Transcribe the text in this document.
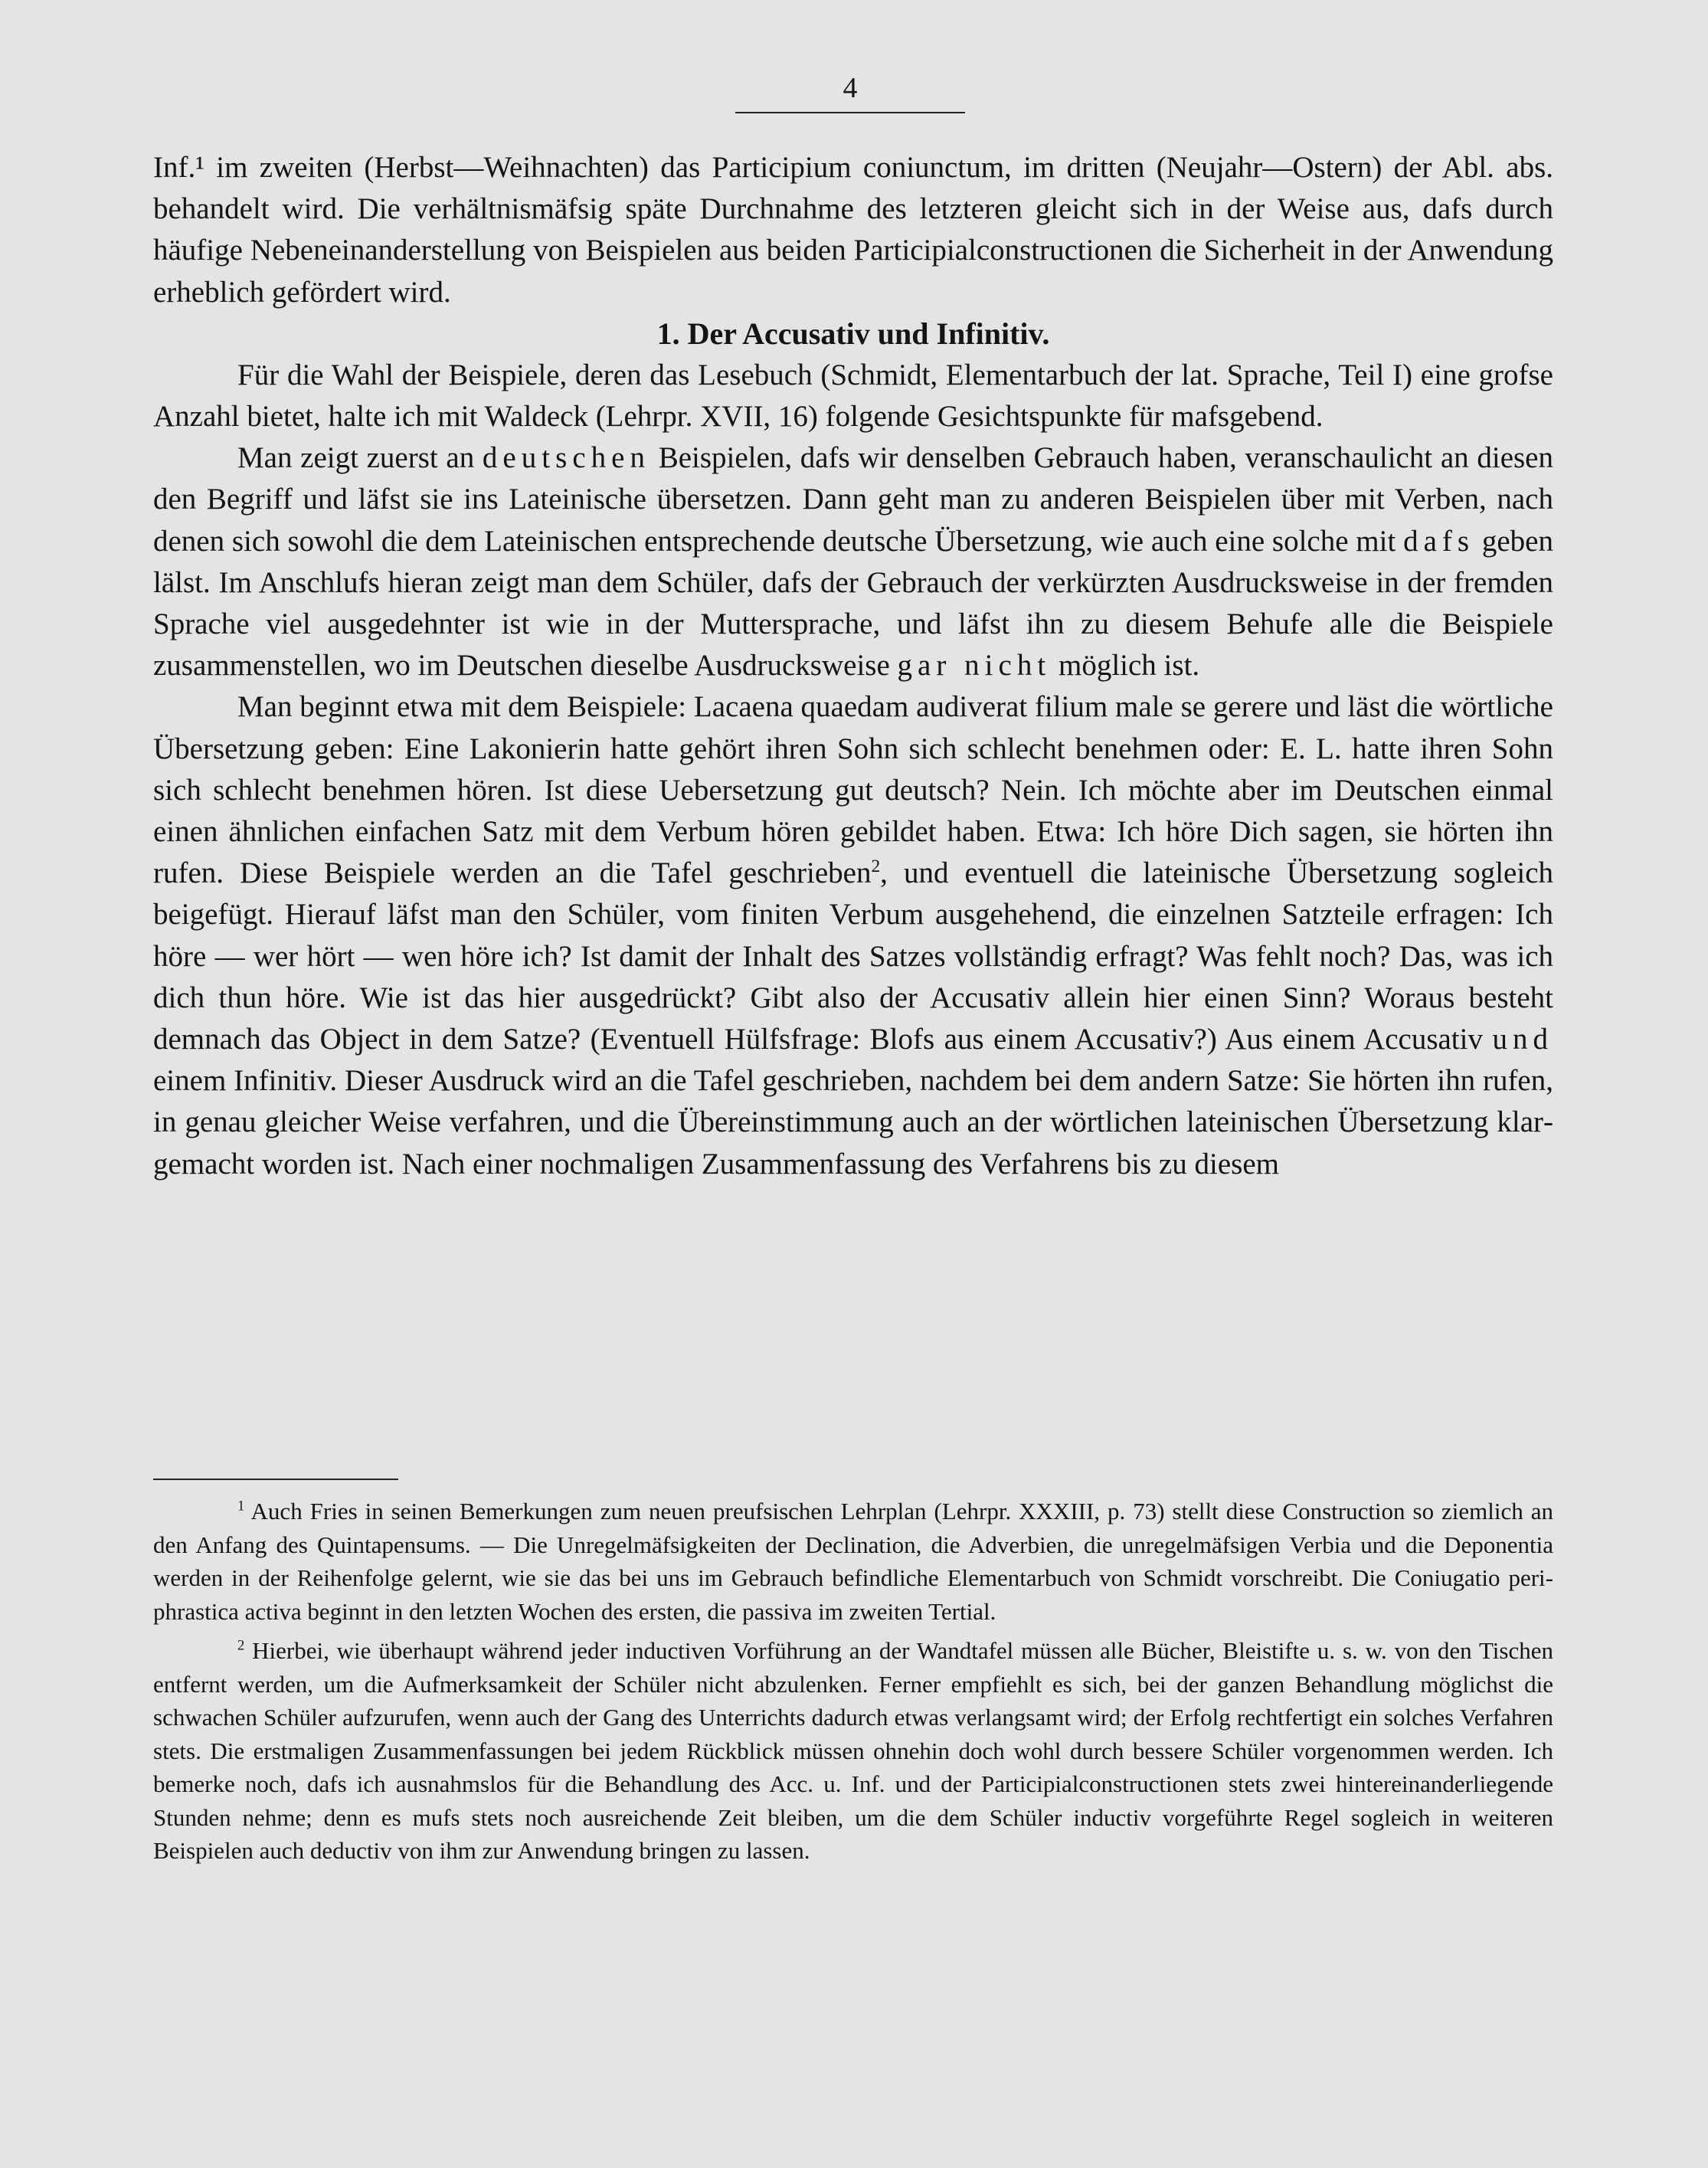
4

Inf.¹ im zweiten (Herbst—Weihnachten) das Participium coniunctum, im dritten (Neujahr—Ostern) der Abl. abs. behandelt wird. Die verhältnismäfsig späte Durchnahme des letzteren gleicht sich in der Weise aus, dafs durch häufige Nebeneinanderstellung von Beispielen aus beiden Participialconstructionen die Sicherheit in der Anwendung erheblich gefördert wird.

1. Der Accusativ und Infinitiv.

Für die Wahl der Beispiele, deren das Lesebuch (Schmidt, Elementarbuch der lat. Sprache, Teil I) eine grofse Anzahl bietet, halte ich mit Waldeck (Lehrpr. XVII, 16) folgende Gesichtspunkte für mafsgebend.

Man zeigt zuerst an deutschen Beispielen, dafs wir denselben Gebrauch haben, veranschaulicht an diesen den Begriff und läfst sie ins Lateinische übersetzen. Dann geht man zu anderen Beispielen über mit Verben, nach denen sich sowohl die dem Lateinischen entsprechende deutsche Übersetzung, wie auch eine solche mit dafs geben lälst. Im Anschlufs hieran zeigt man dem Schüler, dafs der Gebrauch der verkürzten Ausdrucksweise in der fremden Sprache viel ausgedehnter ist wie in der Muttersprache, und läfst ihn zu diesem Behufe alle die Beispiele zusammenstellen, wo im Deutschen dieselbe Ausdrucksweise gar nicht möglich ist.

Man beginnt etwa mit dem Beispiele: Lacaena quaedam audiverat filium male se gerere und läst die wörtliche Übersetzung geben: Eine Lakonierin hatte gehört ihren Sohn sich schlecht benehmen oder: E. L. hatte ihren Sohn sich schlecht benehmen hören. Ist diese Uebersetzung gut deutsch? Nein. Ich möchte aber im Deutschen einmal einen ähnlichen einfachen Satz mit dem Verbum hören gebildet haben. Etwa: Ich höre Dich sagen, sie hörten ihn rufen. Diese Beispiele werden an die Tafel geschrieben$^2$, und eventuell die lateinische Übersetzung sogleich beigefügt. Hierauf läfst man den Schüler, vom finiten Verbum ausgehehend, die einzelnen Satzteile erfragen: Ich höre — wer hört — wen höre ich? Ist damit der Inhalt des Satzes vollständig erfragt? Was fehlt noch? Das, was ich dich thun höre. Wie ist das hier ausgedrückt? Gibt also der Accusativ allein hier einen Sinn? Woraus besteht demnach das Object in dem Satze? (Eventuell Hülfsfrage: Blofs aus einem Accusativ?) Aus einem Accusativ und einem Infinitiv. Dieser Ausdruck wird an die Tafel geschrieben, nachdem bei dem andern Satze: Sie hörten ihn rufen, in genau gleicher Weise verfahren, und die Übereinstimmung auch an der wörtlichen lateinischen Übersetzung klargemacht worden ist. Nach einer nochmaligen Zusammenfassung des Verfahrens bis zu diesem

$^1$ Auch Fries in seinen Bemerkungen zum neuen preufsischen Lehrplan (Lehrpr. XXXIII, p. 73) stellt diese Construction so ziemlich an den Anfang des Quintapensums. — Die Unregelmäfsigkeiten der Declination, die Adverbien, die unregelmäfsigen Verbia und die Deponentia werden in der Reihenfolge gelernt, wie sie das bei uns im Gebrauch befindliche Elementarbuch von Schmidt vorschreibt. Die Coniugatio periphrastica activa beginnt in den letzten Wochen des ersten, die passiva im zweiten Tertial.

$^2$ Hierbei, wie überhaupt während jeder inductiven Vorführung an der Wandtafel müssen alle Bücher, Bleistifte u. s. w. von den Tischen entfernt werden, um die Aufmerksamkeit der Schüler nicht abzulenken. Ferner empfiehlt es sich, bei der ganzen Behandlung möglichst die schwachen Schüler aufzurufen, wenn auch der Gang des Unterrichts dadurch etwas verlangsamt wird; der Erfolg rechtfertigt ein solches Verfahren stets. Die erstmaligen Zusammenfassungen bei jedem Rückblick müssen ohnehin doch wohl durch bessere Schüler vorgenommen werden. Ich bemerke noch, dafs ich ausnahmslos für die Behandlung des Acc. u. Inf. und der Participialconstructionen stets zwei hintereinanderliegende Stunden nehme; denn es mufs stets noch ausreichende Zeit bleiben, um die dem Schüler inductiv vorgeführte Regel sogleich in weiteren Beispielen auch deductiv von ihm zur Anwendung bringen zu lassen.
